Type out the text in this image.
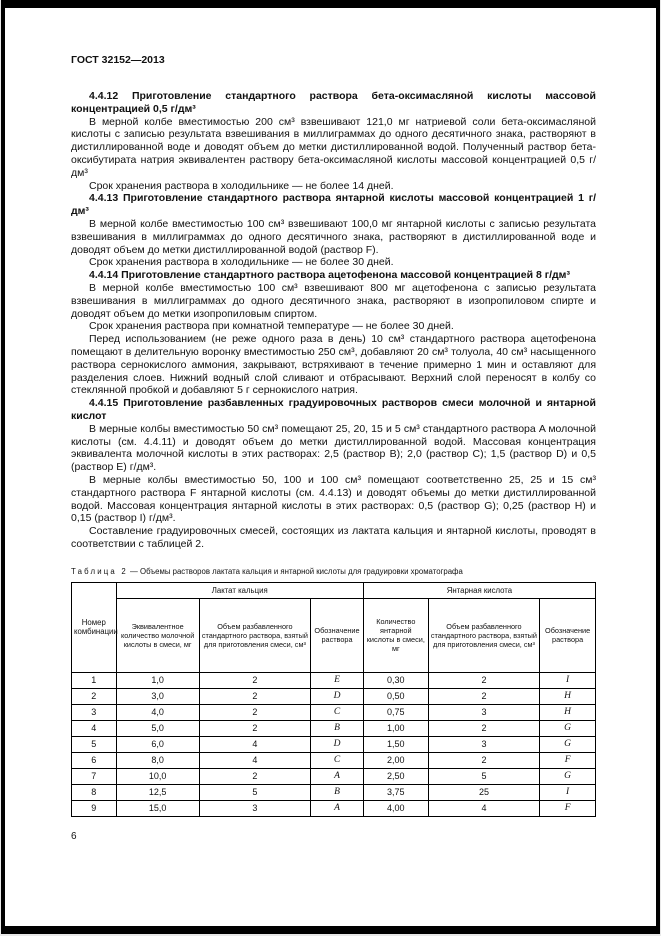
ГОСТ 32152—2013

4.4.12 Приготовление стандартного раствора бета-оксимасляной кислоты массовой концентрацией 0,5 г/дм³

В мерной колбе вместимостью 200 см³ взвешивают 121,0 мг натриевой соли бета-оксимасляной кислоты с записью результата взвешивания в миллиграммах до одного десятичного знака, растворяют в дистиллированной воде и доводят объем до метки дистиллированной водой. Полученный раствор бета-оксибутирата натрия эквивалентен раствору бета-оксимасляной кислоты массовой концентрацией 0,5 г/дм³

Срок хранения раствора в холодильнике — не более 14 дней.

4.4.13 Приготовление стандартного раствора янтарной кислоты массовой концентрацией 1 г/дм³

В мерной колбе вместимостью 100 см³ взвешивают 100,0 мг янтарной кислоты с записью результата взвешивания в миллиграммах до одного десятичного знака, растворяют в дистиллированной воде и доводят объем до метки дистиллированной водой (раствор F).

Срок хранения раствора в холодильнике — не более 30 дней.

4.4.14 Приготовление стандартного раствора ацетофенона массовой концентрацией 8 г/дм³

В мерной колбе вместимостью 100 см³ взвешивают 800 мг ацетофенона с записью результата взвешивания в миллиграммах до одного десятичного знака, растворяют в изопропиловом спирте и доводят объем до метки изопропиловым спиртом.

Срок хранения раствора при комнатной температуре — не более 30 дней.

Перед использованием (не реже одного раза в день) 10 см³ стандартного раствора ацетофенона помещают в делительную воронку вместимостью 250 см³, добавляют 20 см³ толуола, 40 см³ насыщенного раствора сернокислого аммония, закрывают, встряхивают в течение примерно 1 мин и оставляют для разделения слоев. Нижний водный слой сливают и отбрасывают. Верхний слой переносят в колбу со стеклянной пробкой и добавляют 5 г сернокислого натрия.

4.4.15 Приготовление разбавленных градуировочных растворов смеси молочной и янтарной кислот

В мерные колбы вместимостью 50 см³ помещают 25, 20, 15 и 5 см³ стандартного раствора A молочной кислоты (см. 4.4.11) и доводят объем до метки дистиллированной водой. Массовая концентрация эквивалента молочной кислоты в этих растворах: 2,5 (раствор B); 2,0 (раствор C); 1,5 (раствор D) и 0,5 (раствор E) г/дм³.

В мерные колбы вместимостью 50, 100 и 100 см³ помещают соответственно 25, 25 и 15 см³ стандартного раствора F янтарной кислоты (см. 4.4.13) и доводят объемы до метки дистиллированной водой. Массовая концентрация янтарной кислоты в этих растворах: 0,5 (раствор G); 0,25 (раствор H) и 0,15 (раствор I) г/дм³.

Составление градуировочных смесей, состоящих из лактата кальция и янтарной кислоты, проводят в соответствии с таблицей 2.

Таблица 2 — Объемы растворов лактата кальция и янтарной кислоты для градуировки хроматографа
Номер комбинации	Лактат кальция			Янтарная кислота		
	Эквивалентное количество молочной кислоты в смеси, мг	Объем разбавленного стандартного раствора, взятый для приготовления смеси, см³	Обозначение раствора	Количество янтарной кислоты в смеси, мг	Объем разбавленного стандартного раствора, взятый для приготовления смеси, см³	Обозначение раствора
1	1,0	2	E	0,30	2	I
2	3,0	2	D	0,50	2	H
3	4,0	2	C	0,75	3	H
4	5,0	2	B	1,00	2	G
5	6,0	4	D	1,50	3	G
6	8,0	4	C	2,00	2	F
7	10,0	2	A	2,50	5	G
8	12,5	5	B	3,75	25	I
9	15,0	3	A	4,00	4	F
6
